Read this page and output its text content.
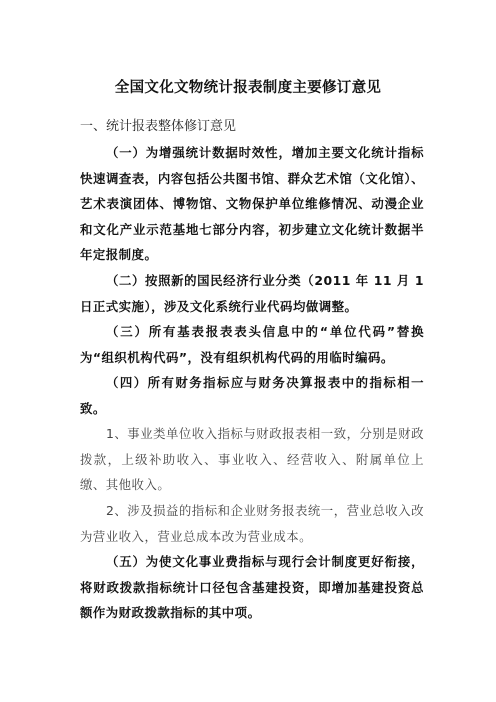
全国文化文物统计报表制度主要修订意见

一、统计报表整体修订意见

（一）为增强统计数据时效性，增加主要文化统计指标快速调查表，内容包括公共图书馆、群众艺术馆（文化馆）、艺术表演团体、博物馆、文物保护单位维修情况、动漫企业和文化产业示范基地七部分内容，初步建立文化统计数据半年定报制度。

（二）按照新的国民经济行业分类（2011 年 11 月 1 日正式实施），涉及文化系统行业代码均做调整。

（三）所有基表报表表头信息中的“单位代码”替换为“组织机构代码”，没有组织机构代码的用临时编码。

（四）所有财务指标应与财务决算报表中的指标相一致。

1、事业类单位收入指标与财政报表相一致，分别是财政拨款，上级补助收入、事业收入、经营收入、附属单位上缴、其他收入。

2、涉及损益的指标和企业财务报表统一，营业总收入改为营业收入，营业总成本改为营业成本。

（五）为使文化事业费指标与现行会计制度更好衔接，将财政拨款指标统计口径包含基建投资，即增加基建投资总额作为财政拨款指标的其中项。
